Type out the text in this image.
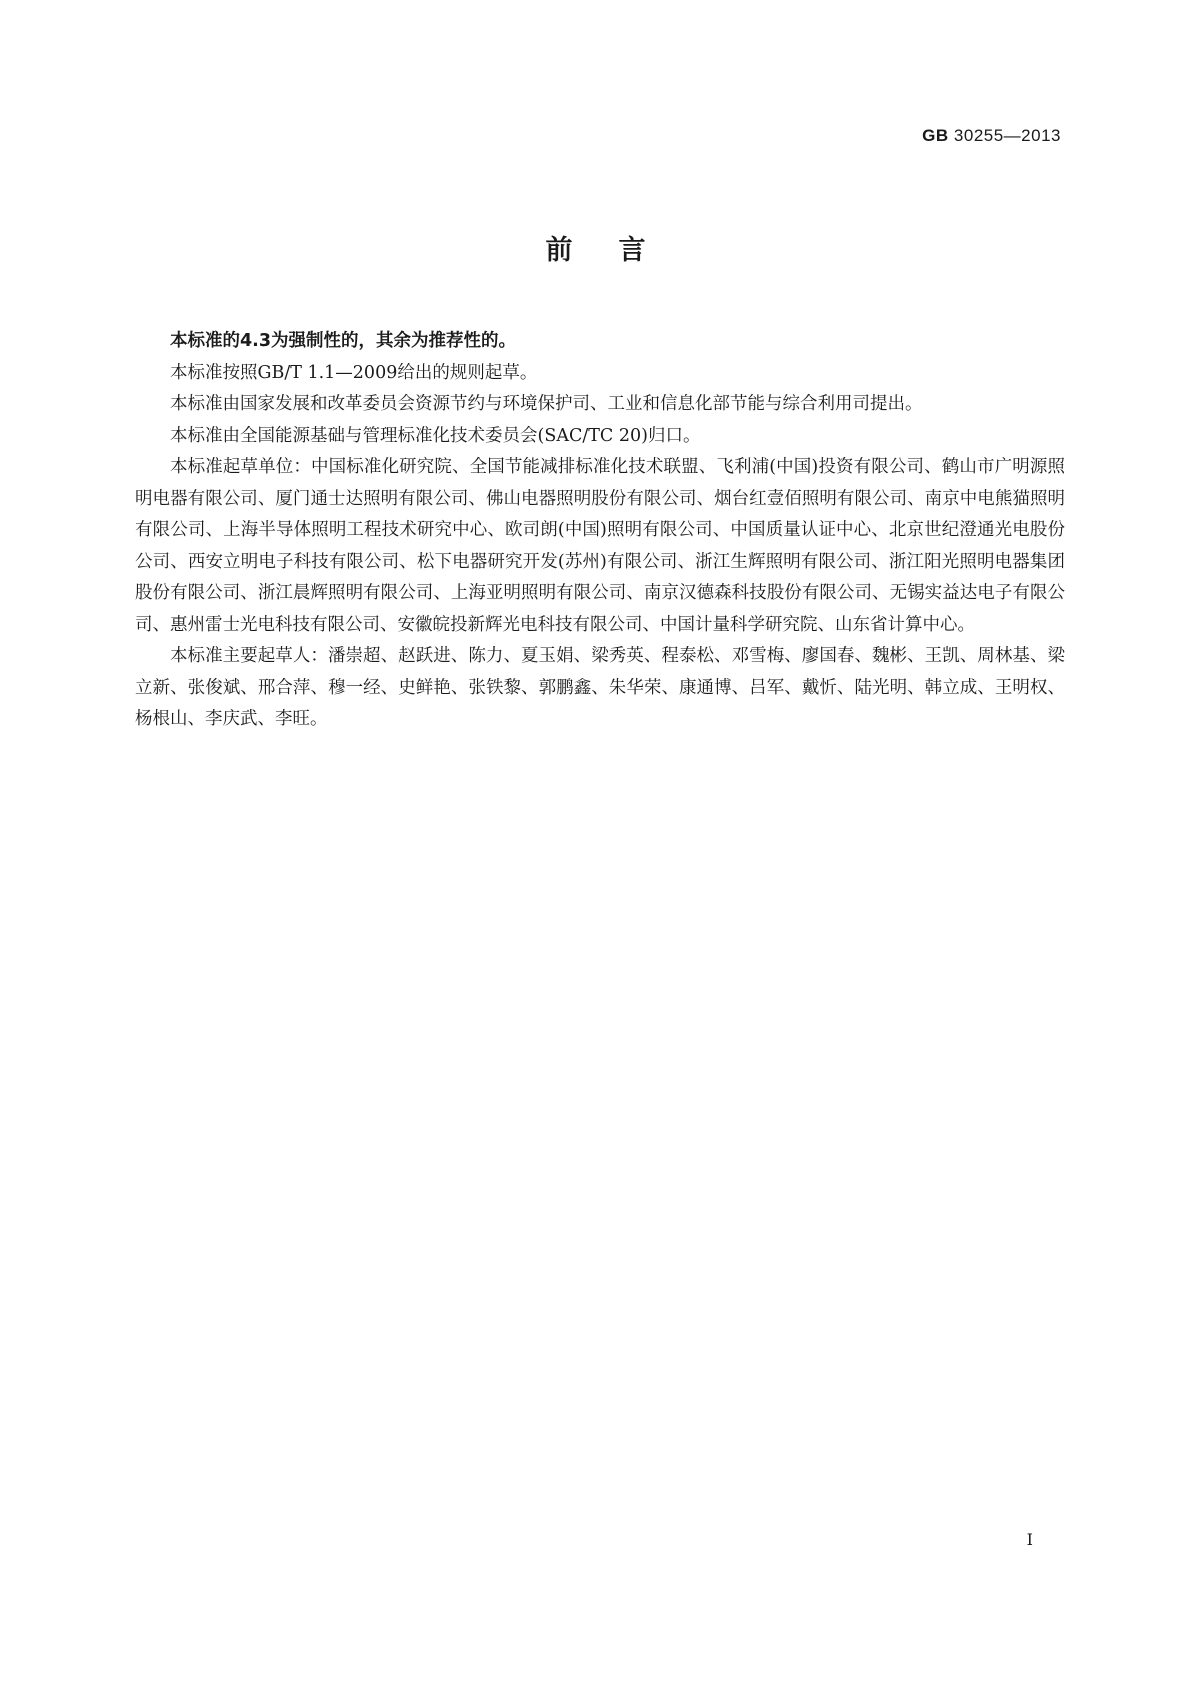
GB 30255—2013
前言

本标准的4.3为强制性的，其余为推荐性的。

本标准按照GB/T 1.1—2009给出的规则起草。

本标准由国家发展和改革委员会资源节约与环境保护司、工业和信息化部节能与综合利用司提出。

本标准由全国能源基础与管理标准化技术委员会(SAC/TC 20)归口。

本标准起草单位：中国标准化研究院、全国节能减排标准化技术联盟、飞利浦(中国)投资有限公司、鹤山市广明源照明电器有限公司、厦门通士达照明有限公司、佛山电器照明股份有限公司、烟台红壹佰照明有限公司、南京中电熊猫照明有限公司、上海半导体照明工程技术研究中心、欧司朗(中国)照明有限公司、中国质量认证中心、北京世纪澄通光电股份公司、西安立明电子科技有限公司、松下电器研究开发(苏州)有限公司、浙江生辉照明有限公司、浙江阳光照明电器集团股份有限公司、浙江晨辉照明有限公司、上海亚明照明有限公司、南京汉德森科技股份有限公司、无锡实益达电子有限公司、惠州雷士光电科技有限公司、安徽皖投新辉光电科技有限公司、中国计量科学研究院、山东省计算中心。

本标准主要起草人：潘崇超、赵跃进、陈力、夏玉娟、梁秀英、程泰松、邓雪梅、廖国春、魏彬、王凯、周林基、梁立新、张俊斌、邢合萍、穆一经、史鲜艳、张铁黎、郭鹏鑫、朱华荣、康通博、吕军、戴忻、陆光明、韩立成、王明权、杨根山、李庆武、李旺。

I
